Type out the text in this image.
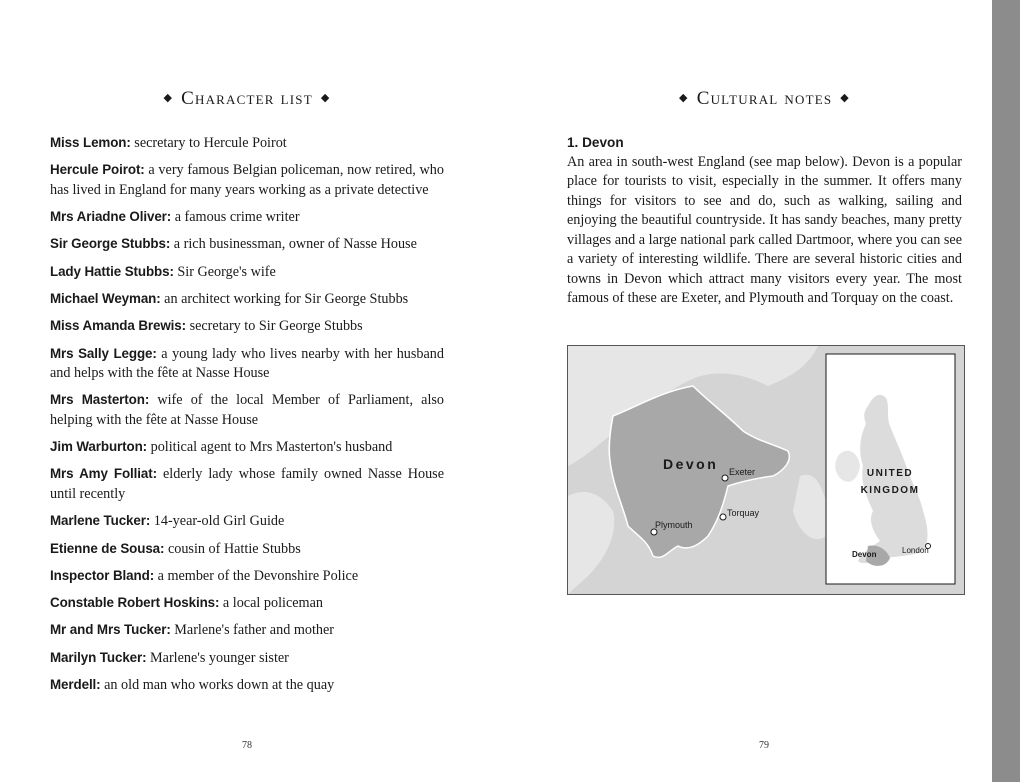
◆ Character list ◆
Miss Lemon: secretary to Hercule Poirot
Hercule Poirot: a very famous Belgian policeman, now retired, who has lived in England for many years working as a private detective
Mrs Ariadne Oliver: a famous crime writer
Sir George Stubbs: a rich businessman, owner of Nasse House
Lady Hattie Stubbs: Sir George's wife
Michael Weyman: an architect working for Sir George Stubbs
Miss Amanda Brewis: secretary to Sir George Stubbs
Mrs Sally Legge: a young lady who lives nearby with her husband and helps with the fête at Nasse House
Mrs Masterton: wife of the local Member of Parliament, also helping with the fête at Nasse House
Jim Warburton: political agent to Mrs Masterton's husband
Mrs Amy Folliat: elderly lady whose family owned Nasse House until recently
Marlene Tucker: 14-year-old Girl Guide
Etienne de Sousa: cousin of Hattie Stubbs
Inspector Bland: a member of the Devonshire Police
Constable Robert Hoskins: a local policeman
Mr and Mrs Tucker: Marlene's father and mother
Marilyn Tucker: Marlene's younger sister
Merdell: an old man who works down at the quay
78
◆ Cultural notes ◆
1. Devon
An area in south-west England (see map below). Devon is a popular place for tourists to visit, especially in the summer. It offers many things for visitors to see and do, such as walking, sailing and enjoying the beautiful countryside. It has sandy beaches, many pretty villages and a large national park called Dartmoor, where you can see a variety of interesting wildlife. There are several historic cities and towns in Devon which attract many visitors every year. The most famous of these are Exeter, and Plymouth and Torquay on the coast.
79
Devon Exeter
Torquay
Plymouth
UNITED
KINGDOM
Devon	London
